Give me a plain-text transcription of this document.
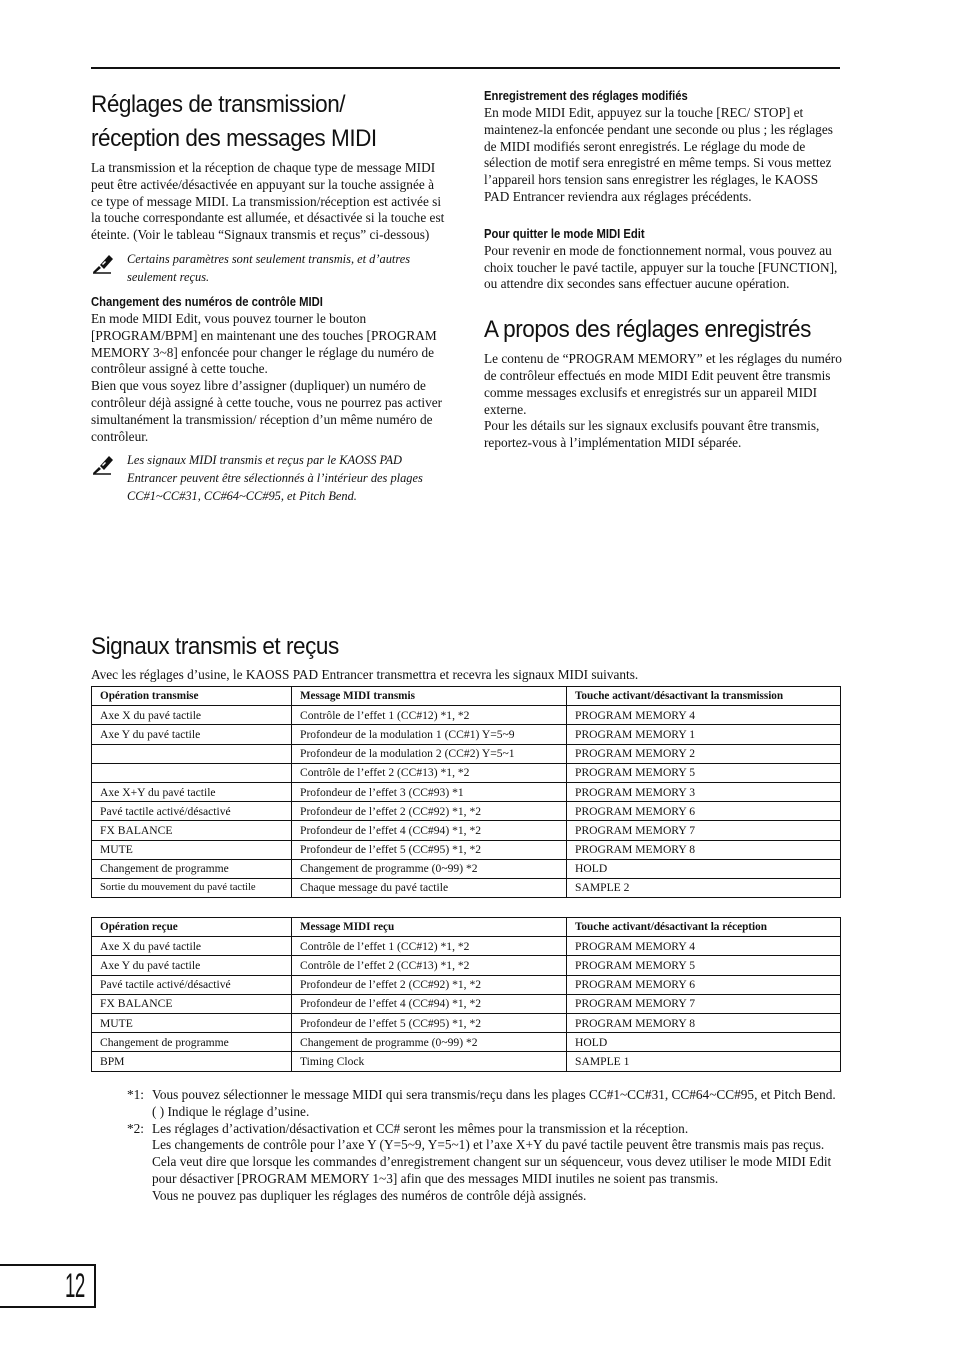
Réglages de transmission/ réception des messages MIDI

La transmission et la réception de chaque type de message MIDI peut être activée/désactivée en appuyant sur la touche assignée à ce type of message MIDI. La transmission/réception est activée si la touche correspondante est allumée, et désactivée si la touche est éteinte. (Voir le tableau “Signaux transmis et reçus” ci-dessous)

Certains paramètres sont seulement transmis, et d’autres seulement reçus.
Changement des numéros de contrôle MIDI

En mode MIDI Edit, vous pouvez tourner le bouton [PROGRAM/BPM] en maintenant une des touches [PROGRAM MEMORY 3~8] enfoncée pour changer le réglage du numéro de contrôleur assigné à cette touche.

Bien que vous soyez libre d’assigner (dupliquer) un numéro de contrôleur déjà assigné à cette touche, vous ne pourrez pas activer simultanément la transmission/ réception d’un même numéro de contrôleur.

Les signaux MIDI transmis et reçus par le KAOSS PAD Entrancer peuvent être sélectionnés à l’intérieur des plages CC#1~CC#31, CC#64~CC#95, et Pitch Bend.
Enregistrement des réglages modifiés

En mode MIDI Edit, appuyez sur la touche [REC/ STOP] et maintenez-la enfoncée pendant une seconde ou plus ; les réglages de MIDI modifiés seront enregistrés. Le réglage du mode de sélection de motif sera enregistré en même temps. Si vous mettez l’appareil hors tension sans enregistrer les réglages, le KAOSS PAD Entrancer reviendra aux réglages précédents.

Pour quitter le mode MIDI Edit

Pour revenir en mode de fonctionnement normal, vous pouvez au choix toucher le pavé tactile, appuyer sur la touche [FUNCTION], ou attendre dix secondes sans effectuer aucune opération.

A propos des réglages enregistrés

Le contenu de “PROGRAM MEMORY” et les réglages du numéro de contrôleur effectués en mode MIDI Edit peuvent être transmis comme messages exclusifs et enregistrés sur un appareil MIDI externe.

Pour les détails sur les signaux exclusifs pouvant être transmis, reportez-vous à l’implémentation MIDI séparée.

Signaux transmis et reçus
Avec les réglages d’usine, le KAOSS PAD Entrancer transmettra et recevra les signaux MIDI suivants.
Opération transmise	Message MIDI transmis	Touche activant/désactivant la transmission
Axe X du pavé tactile	Contrôle de l’effet 1 (CC#12) *1, *2	PROGRAM MEMORY 4
Axe Y du pavé tactile	Profondeur de la modulation 1 (CC#1) Y=5~9	PROGRAM MEMORY 1
	Profondeur de la modulation 2 (CC#2) Y=5~1	PROGRAM MEMORY 2
	Contrôle de l’effet 2 (CC#13) *1, *2	PROGRAM MEMORY 5
Axe X+Y du pavé tactile	Profondeur de l’effet 3 (CC#93) *1	PROGRAM MEMORY 3
Pavé tactile activé/désactivé	Profondeur de l’effet 2 (CC#92) *1, *2	PROGRAM MEMORY 6
FX BALANCE	Profondeur de l’effet 4 (CC#94) *1, *2	PROGRAM MEMORY 7
MUTE	Profondeur de l’effet 5 (CC#95) *1, *2	PROGRAM MEMORY 8
Changement de programme	Changement de programme (0~99) *2	HOLD
Sortie du mouvement du pavé tactile	Chaque message du pavé tactile	SAMPLE 2
Opération reçue	Message MIDI reçu	Touche activant/désactivant la réception
Axe X du pavé tactile	Contrôle de l’effet 1 (CC#12) *1, *2	PROGRAM MEMORY 4
Axe Y du pavé tactile	Contrôle de l’effet 2 (CC#13) *1, *2	PROGRAM MEMORY 5
Pavé tactile activé/désactivé	Profondeur de l’effet 2 (CC#92) *1, *2	PROGRAM MEMORY 6
FX BALANCE	Profondeur de l’effet 4 (CC#94) *1, *2	PROGRAM MEMORY 7
MUTE	Profondeur de l’effet 5 (CC#95) *1, *2	PROGRAM MEMORY 8
Changement de programme	Changement de programme (0~99) *2	HOLD
BPM	Timing Clock	SAMPLE 1
*1: Vous pouvez sélectionner le message MIDI qui sera transmis/reçu dans les plages CC#1~CC#31, CC#64~CC#95, et Pitch Bend. ( ) Indique le réglage d’usine.
*2: Les réglages d’activation/désactivation et CC# seront les mêmes pour la transmission et la réception.
Les changements de contrôle pour l’axe Y (Y=5~9, Y=5~1) et l’axe X+Y du pavé tactile peuvent être transmis mais pas reçus. Cela veut dire que lorsque les commandes d’enregistrement changent sur un séquenceur, vous devez utiliser le mode MIDI Edit pour désactiver [PROGRAM MEMORY 1~3] afin que des messages MIDI inutiles ne soient pas transmis.
Vous ne pouvez pas dupliquer les réglages des numéros de contrôle déjà assignés.
12
